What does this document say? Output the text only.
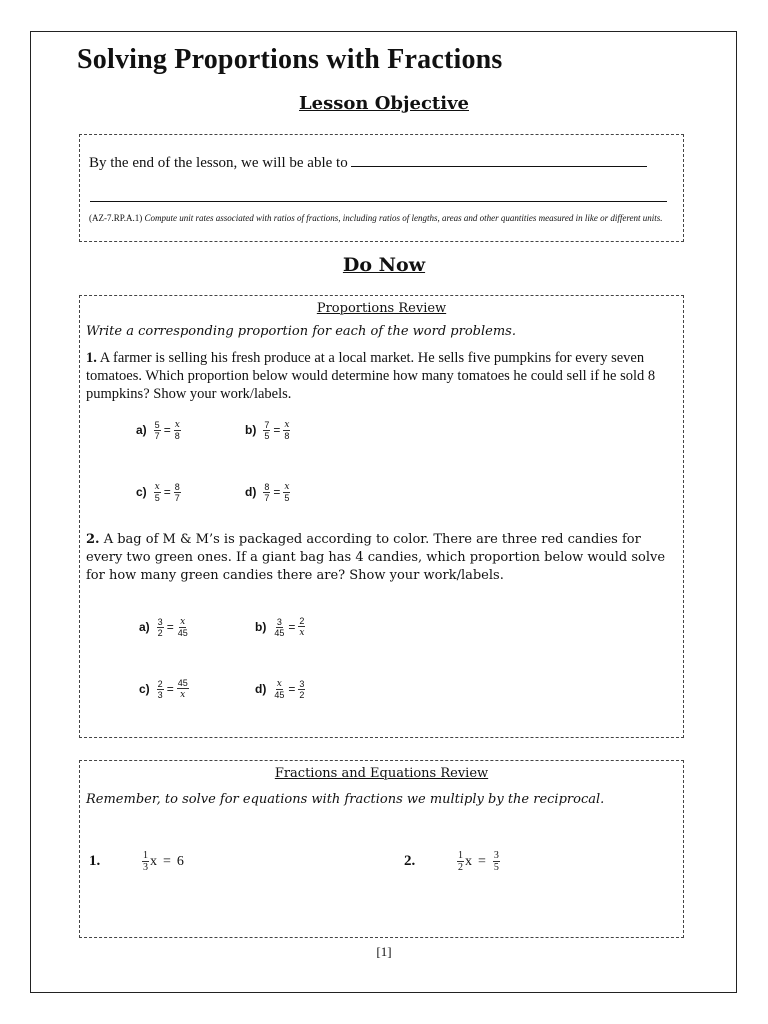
Solving Proportions with Fractions
Lesson Objective
By the end of the lesson, we will be able to
(AZ-7.RP.A.1) Compute unit rates associated with ratios of fractions, including ratios of lengths, areas and other quantities measured in like or different units.
Do Now
Proportions Review
Write a corresponding proportion for each of the word problems.
1. A farmer is selling his fresh produce at a local market. He sells five pumpkins for every seven tomatoes. Which proportion below would determine how many tomatoes he could sell if he sold 8 pumpkins? Show your work/labels.
$a) \frac{5}{7} = \frac{x}{8}$	$b) \frac{7}{5} = \frac{x}{8}$
$c) \frac{x}{5} = \frac{8}{7}$	$d) \frac{8}{7} = \frac{x}{5}$
2. A bag of M & M’s is packaged according to color. There are three red candies for every two green ones. If a giant bag has 4 candies, which proportion below would solve for how many green candies there are? Show your work/labels.
$a) \frac{3}{2} = \frac{x}{45}$	$b) \frac{3}{45} = \frac{2}{x}$
$c) \frac{2}{3} = \frac{45}{x}$	$d) \frac{x}{45} = \frac{3}{2}$
Fractions and Equations Review
Remember, to solve for equations with fractions we multiply by the reciprocal.
1.	$\frac{1}{3}$ x = 6	2.	$\frac{1}{2}$ $x = \frac{3}{5}$
[1]
